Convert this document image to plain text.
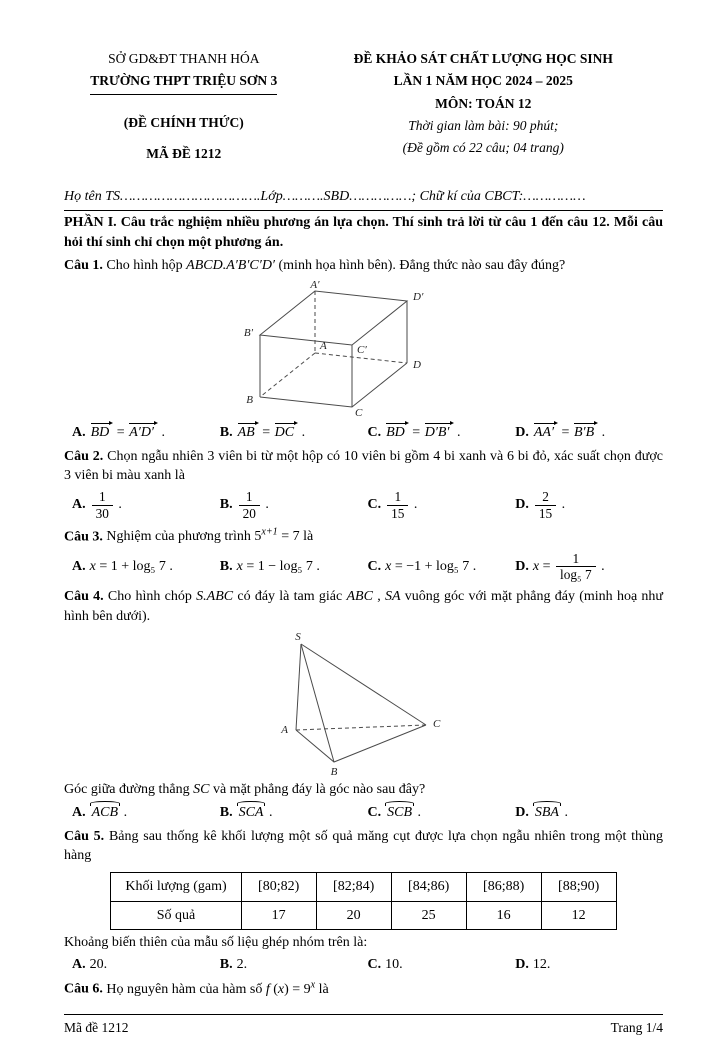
SỞ GD&ĐT THANH HÓA
TRƯỜNG THPT TRIỆU SƠN 3
(ĐỀ CHÍNH THỨC)
MÃ ĐỀ 1212
ĐỀ KHẢO SÁT CHẤT LƯỢNG HỌC SINH
LẦN 1 NĂM HỌC 2024 – 2025
MÔN: TOÁN 12
Thời gian làm bài: 90 phút;
(Đề gồm có 22 câu; 04 trang)
Họ tên TS…………………………….Lớp……….SBD……………; Chữ kí của CBCT:……………
PHẦN I. Câu trắc nghiệm nhiều phương án lựa chọn. Thí sinh trả lời từ câu 1 đến câu 12. Mỗi câu hỏi thí sinh chỉ chọn một phương án.

Câu 1. Cho hình hộp ABCD.A′B′C′D′ (minh họa hình bên). Đẳng thức nào sau đây đúng?

A′
B′
C′
D′
A
B
C
D
A. BD = A′D′ .	B. AB = DC .	C. BD = D′B′ .	D. AA′ = B′B .

Câu 2. Chọn ngẫu nhiên 3 viên bi từ một hộp có 10 viên bi gồm 4 bi xanh và 6 bi đỏ, xác suất chọn được 3 viên bi màu xanh là

A. $\frac{1}{30}$ .	B. $\frac{1}{20}$ .	C. $\frac{1}{15}$ .	D. $\frac{2}{15}$ .

Câu 3. Nghiệm của phương trình $5^{x+1} = 7$ là

A. x = 1 + log₅ 7 .	B. x = 1 − log₅ 7 .	C. x = −1 + log₅ 7 .	D. $x = \frac{1}{\text{log₅ 7}}$ .

Câu 4. Cho hình chóp S.ABC có đáy là tam giác ABC , SA vuông góc với mặt phẳng đáy (minh hoạ như hình bên dưới).

S
A
B
C

Góc giữa đường thẳng SC và mặt phẳng đáy là góc nào sau đây?

A. ACB .	B. SCA .	C. SCB .	D. SBA .

Câu 5. Bảng sau thống kê khối lượng một số quả măng cụt được lựa chọn ngẫu nhiên trong một thùng hàng

Khối lượng (gam)	[80;82)	[82;84)	[84;86)	[86;88)	[88;90)
Số quả	17	20	25	16	12

Khoảng biến thiên của mẫu số liệu ghép nhóm trên là:

A. 20.	B. 2.	C. 10.	D. 12.

Câu 6. Họ nguyên hàm của hàm số f $(x) = 9^x$ là

Mã đề 1212	Trang 1/4
